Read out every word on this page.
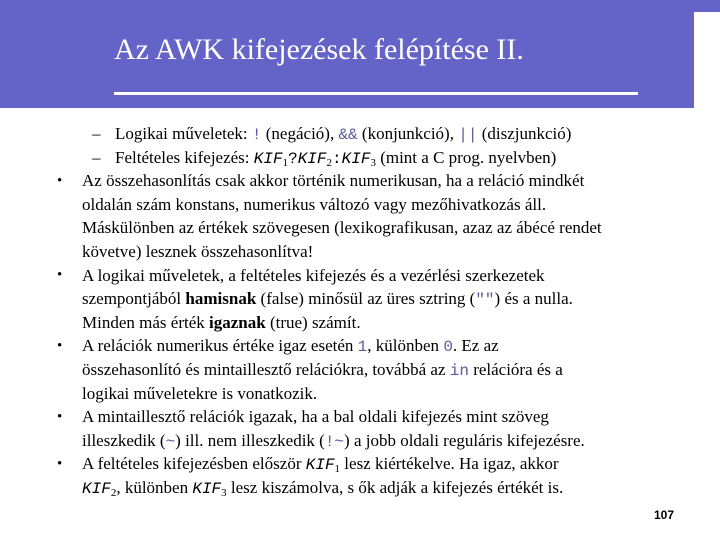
Az AWK kifejezések felépítése II.
– Logikai műveletek: ! (negáció), && (konjunkció), || (diszjunkció)
– Feltételes kifejezés: $KIF_1?KIF_2:KIF_3$ (mint a C prog. nyelvben)
• Az összehasonlítás csak akkor történik numerikusan, ha a reláció mindkét
oldalán szám konstans, numerikus változó vagy mezőhivatkozás áll.
Máskülönben az értékek szövegesen (lexikografikusan, azaz az ábécé rendet
követve) lesznek összehasonlítva!
• A logikai műveletek, a feltételes kifejezés és a vezérlési szerkezetek
szempontjából hamisnak (false) minősül az üres sztring ("") és a nulla.
Minden más érték igaznak (true) számít.
• A relációk numerikus értéke igaz esetén 1, különben 0. Ez az
összehasonlító és mintaillesztő relációkra, továbbá az in relációra és a
logikai műveletekre is vonatkozik.
• A mintaillesztő relációk igazak, ha a bal oldali kifejezés mint szöveg
illeszkedik (~) ill. nem illeszkedik (!~) a jobb oldali reguláris kifejezésre.
• A feltételes kifejezésben először $KIF_1$ lesz kiértékelve. Ha igaz, akkor
$KIF_2$, különben $KIF_3$ lesz kiszámolva, s ők adják a kifejezés értékét is.
107
